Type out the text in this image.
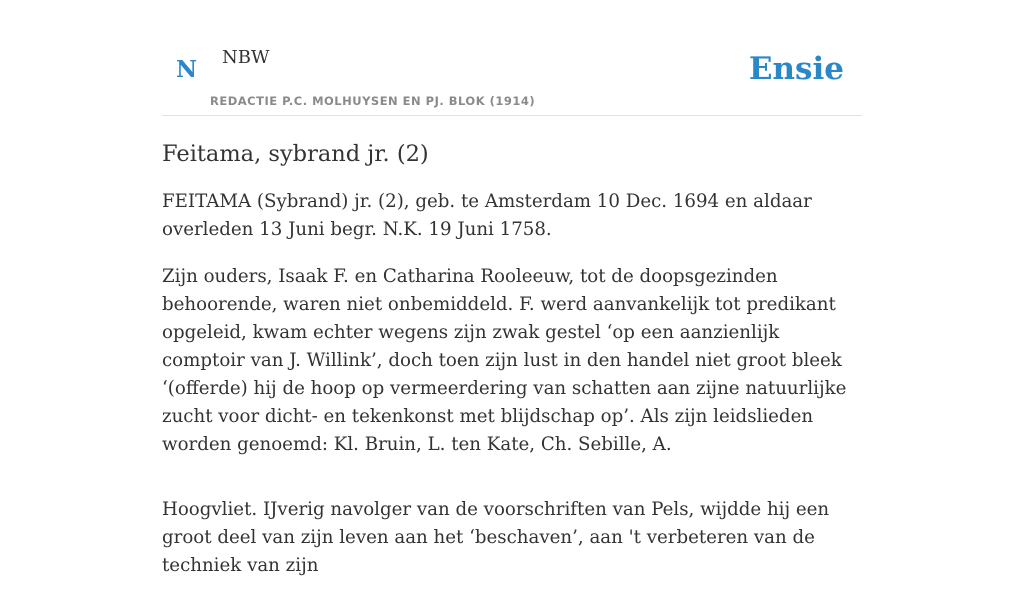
N NBW
REDACTIE P.C. MOLHUYSEN EN PJ. BLOK (1914)
Ensie
Feitama, sybrand jr. (2)

FEITAMA (Sybrand) jr. (2), geb. te Amsterdam 10 Dec. 1694 en aldaar overleden 13 Juni begr. N.K. 19 Juni 1758.

Zijn ouders, Isaak F. en Catharina Rooleeuw, tot de doopsgezinden behoorende, waren niet onbemiddeld. F. werd aanvankelijk tot predikant opgeleid, kwam echter wegens zijn zwak gestel ‘op een aanzienlijk comptoir van J. Willink’, doch toen zijn lust in den handel niet groot bleek ‘(offerde) hij de hoop op vermeerdering van schatten aan zijne natuurlijke zucht voor dicht- en tekenkonst met blijdschap op’. Als zijn leidslieden worden genoemd: Kl. Bruin, L. ten Kate, Ch. Sebille, A.

Hoogvliet. IJverig navolger van de voorschriften van Pels, wijdde hij een groot deel van zijn leven aan het ‘beschaven’, aan 't verbeteren van de techniek van zijn
